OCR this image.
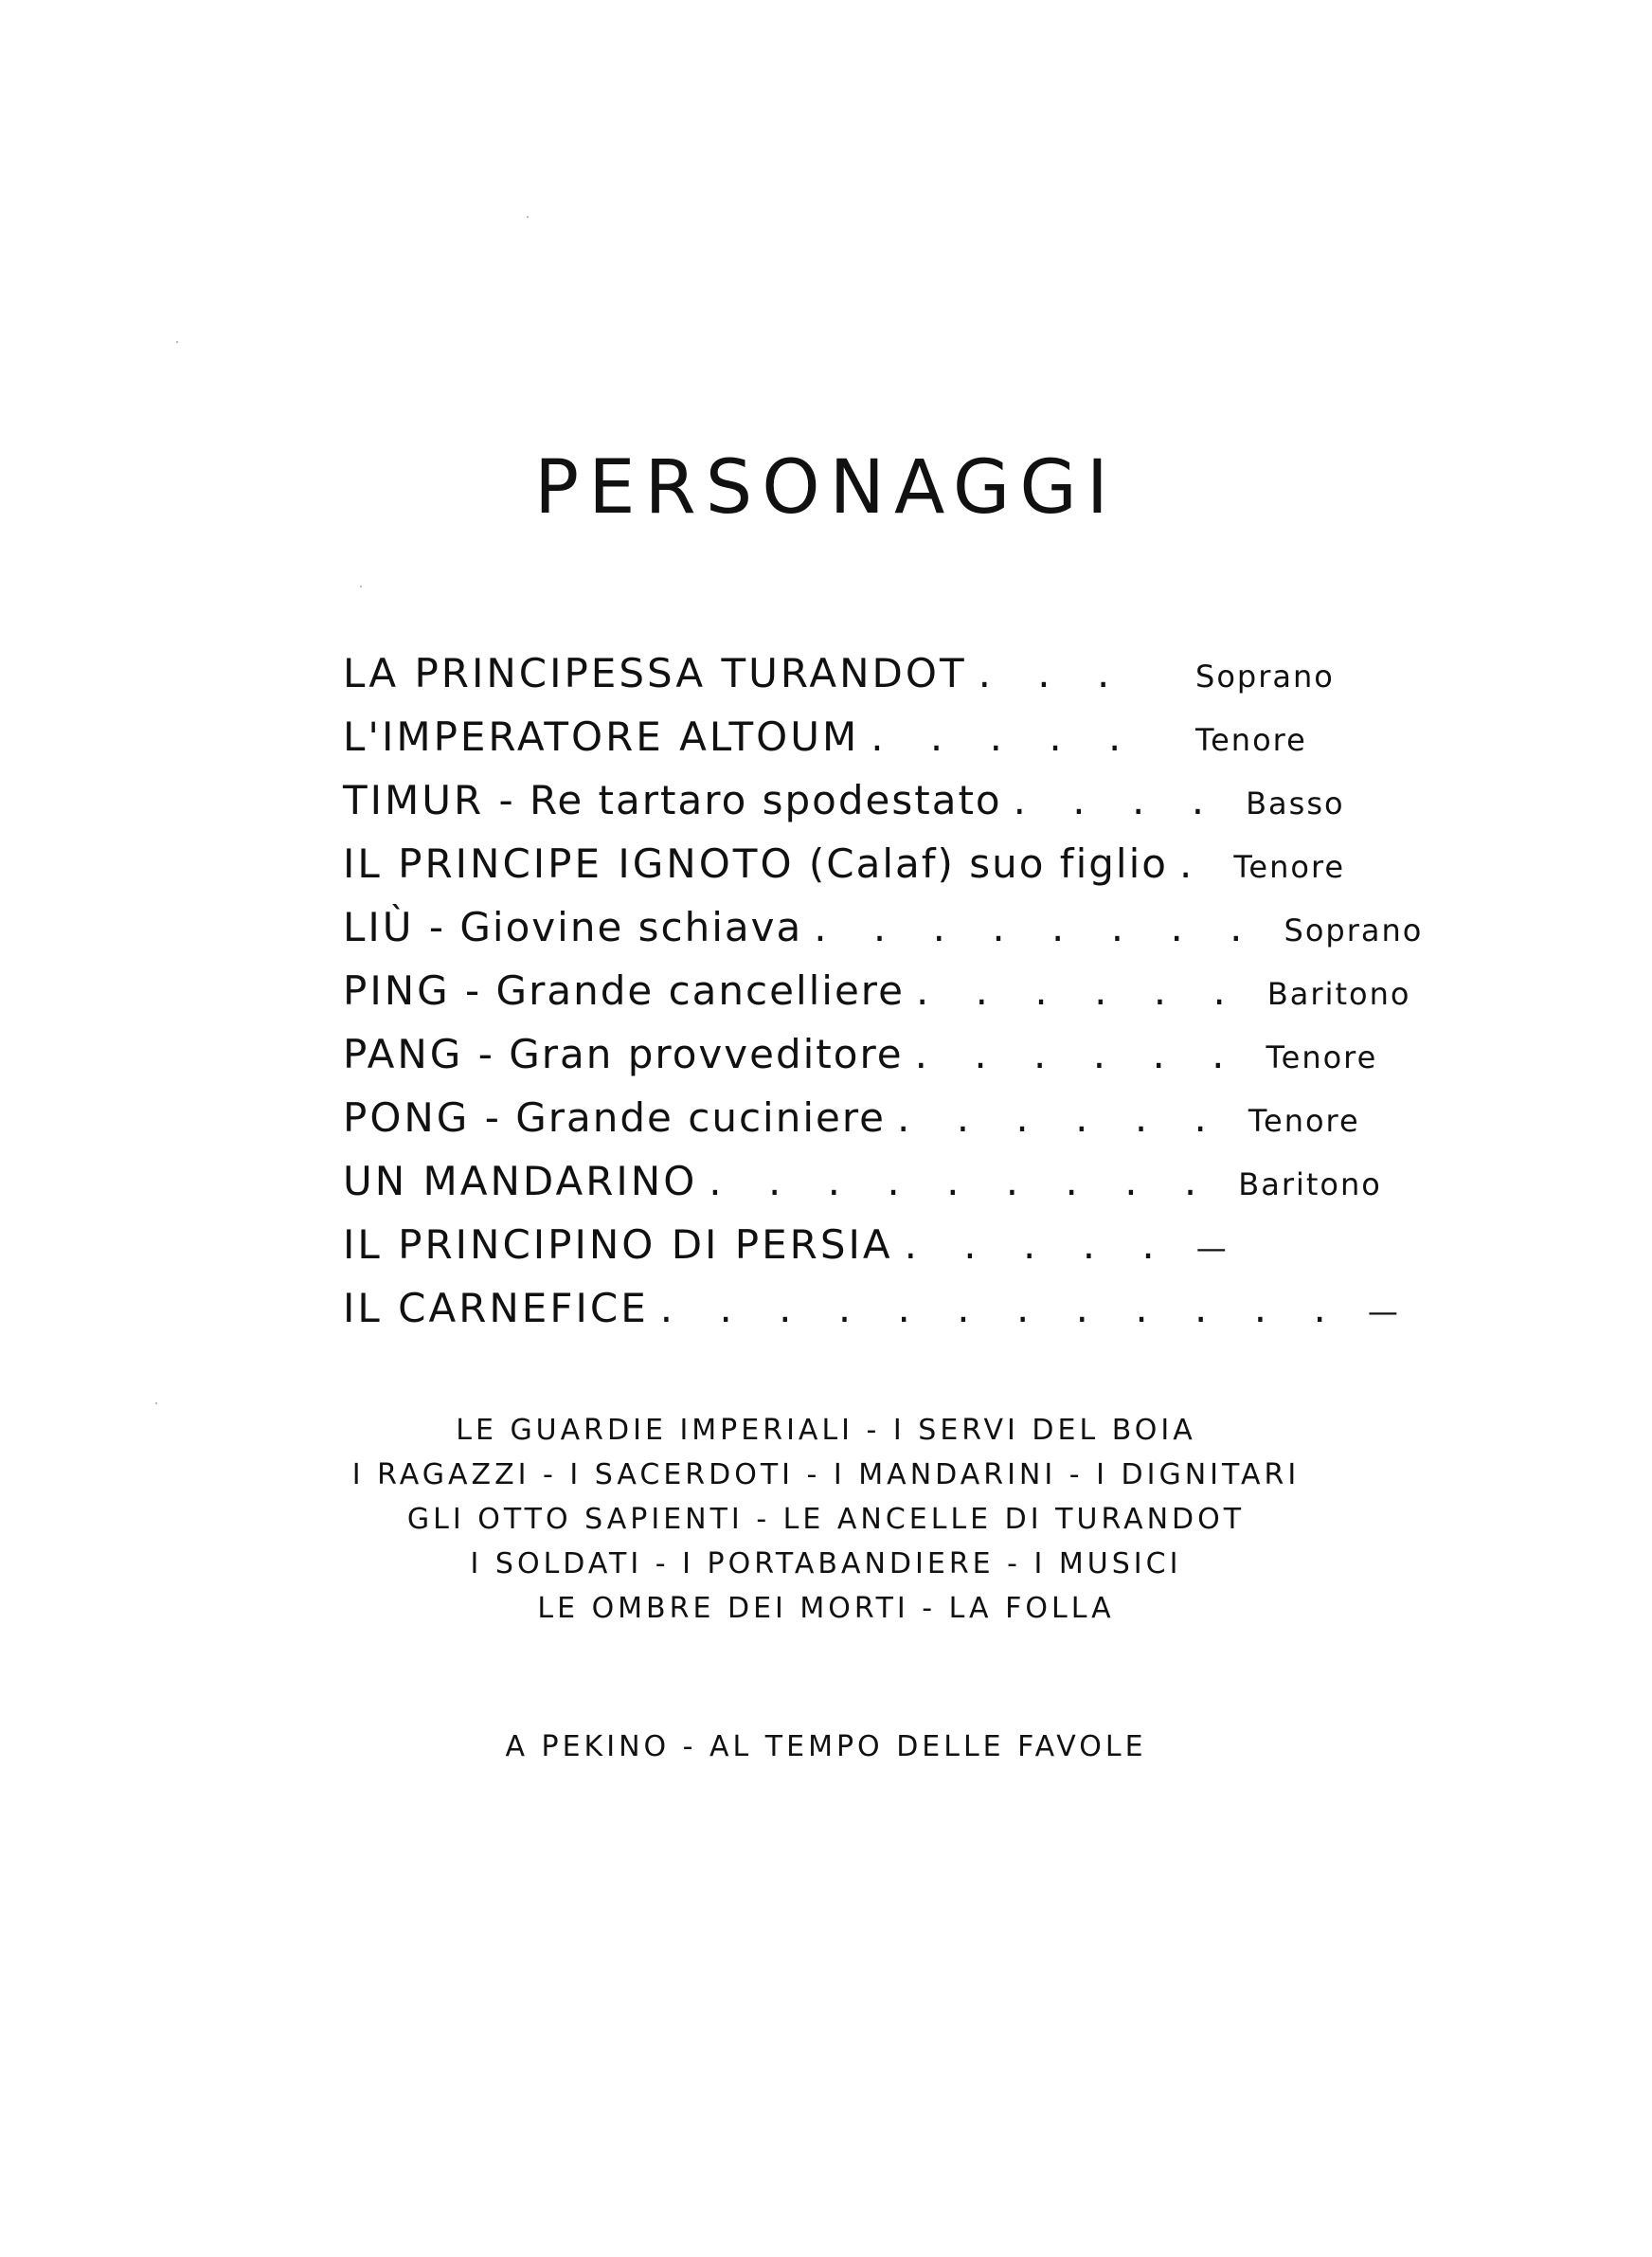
PERSONAGGI
LA PRINCIPESSA TURANDOT . . .	Soprano
L'IMPERATORE ALTOUM . . . . .	Tenore
TIMUR - Re tartaro spodestato . . . . Basso
IL PRINCIPE IGNOTO (Calaf) suo figlio . Tenore
LIÙ - Giovine schiava . . . . . . . . Soprano
PING - Grande cancelliere . . . . . . Baritono
PANG - Gran provveditore . . . . . . Tenore
PONG - Grande cuciniere . . . . . . Tenore
UN MANDARINO . . . . . . . . . Baritono
IL PRINCIPINO DI PERSIA . . . . . —
IL CARNEFICE . . . . . . . . . . . . —
LE GUARDIE IMPERIALI - I SERVI DEL BOIA
I RAGAZZI - I SACERDOTI - I MANDARINI - I DIGNITARI
GLI OTTO SAPIENTI - LE ANCELLE DI TURANDOT
I SOLDATI - I PORTABANDIERE - I MUSICI
LE OMBRE DEI MORTI - LA FOLLA
A PEKINO - AL TEMPO DELLE FAVOLE
